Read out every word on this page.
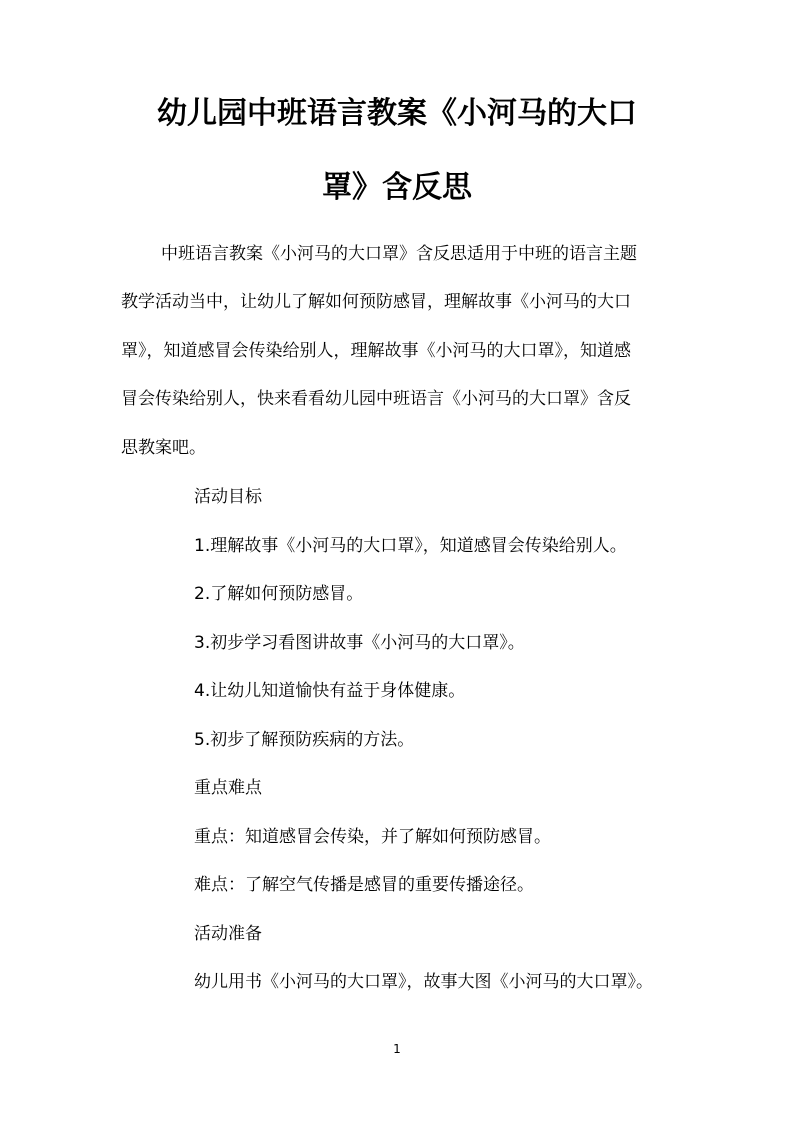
幼儿园中班语言教案《小河马的大口
罩》含反思
中班语言教案《小河马的大口罩》含反思适用于中班的语言主题
教学活动当中，让幼儿了解如何预防感冒，理解故事《小河马的大口
罩》，知道感冒会传染给别人，理解故事《小河马的大口罩》，知道感
冒会传染给别人，快来看看幼儿园中班语言《小河马的大口罩》含反
思教案吧。
活动目标
1.理解故事《小河马的大口罩》，知道感冒会传染给别人。
2.了解如何预防感冒。
3.初步学习看图讲故事《小河马的大口罩》。
4.让幼儿知道愉快有益于身体健康。
5.初步了解预防疾病的方法。
重点难点
重点：知道感冒会传染，并了解如何预防感冒。
难点：了解空气传播是感冒的重要传播途径。
活动准备
幼儿用书《小河马的大口罩》，故事大图《小河马的大口罩》。
1
